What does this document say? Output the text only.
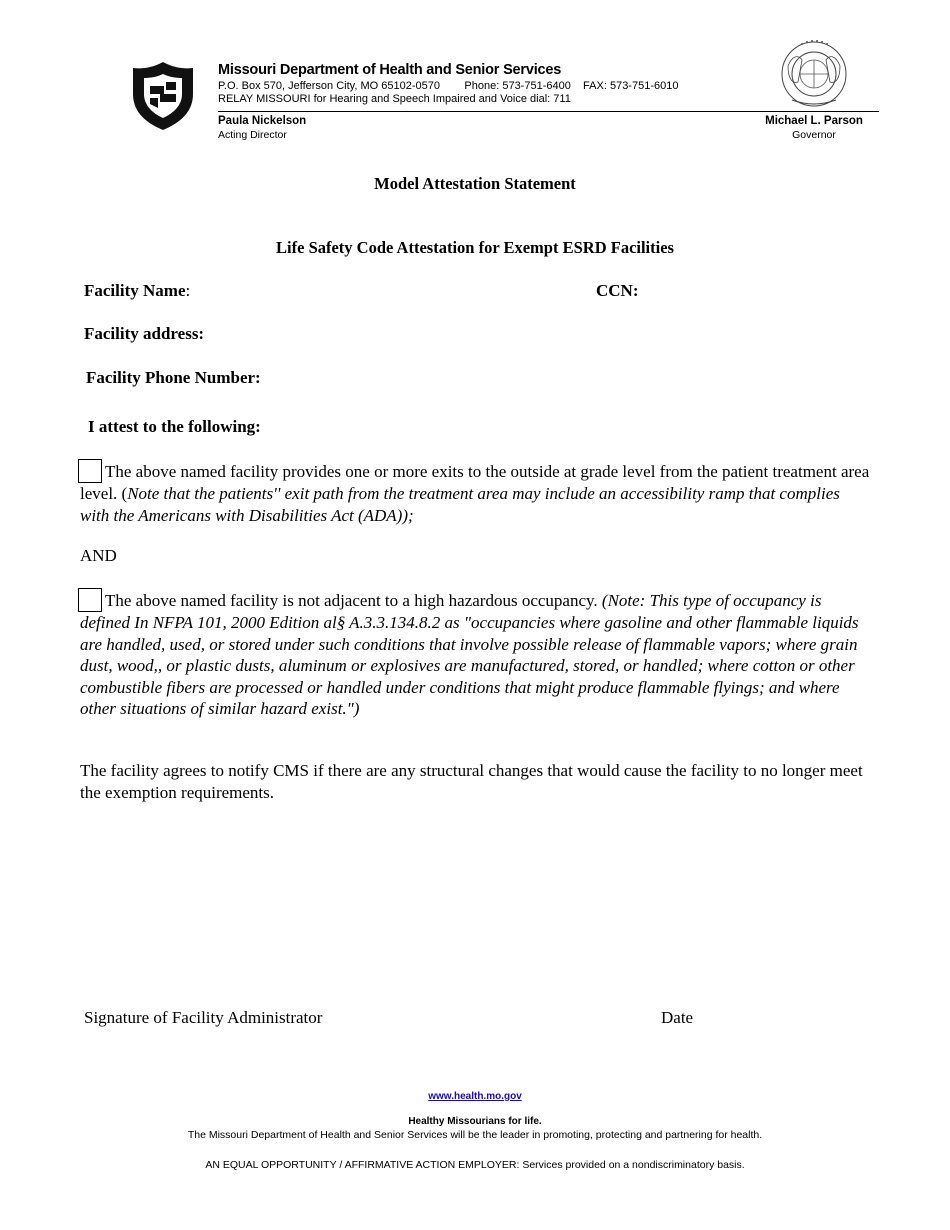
Missouri Department of Health and Senior Services
P.O. Box 570, Jefferson City, MO 65102-0570        Phone: 573-751-6400    FAX: 573-751-6010
RELAY MISSOURI for Hearing and Speech Impaired and Voice dial: 711
Paula Nickelson
Acting Director
Michael L. Parson
Governor
Model Attestation Statement
Life Safety Code Attestation for Exempt ESRD Facilities
Facility Name:	CCN:
Facility address:
Facility Phone Number:
I attest to the following:
The above named facility provides one or more exits to the outside at grade level from the patient treatment area level. (Note that the patients'' exit path from the treatment area may include an accessibility ramp that complies with the Americans with Disabilities Act (ADA));
AND
The above named facility is not adjacent to a high hazardous occupancy. (Note: This type of occupancy is defined In NFPA 101, 2000 Edition al§ A.3.3.134.8.2 as "occupancies where gasoline and other flammable liquids are handled, used, or stored under such conditions that involve possible release of flammable vapors; where grain dust, wood,, or plastic dusts, aluminum or explosives are manufactured, stored, or handled; where cotton or other combustible fibers are processed or handled under conditions that might produce flammable flyings; and where other situations of similar hazard exist.")
The facility agrees to notify CMS if there are any structural changes that would cause the facility to no longer meet the exemption requirements.
Signature of Facility Administrator	Date
www.health.mo.gov
Healthy Missourians for life.
The Missouri Department of Health and Senior Services will be the leader in promoting, protecting and partnering for health.
AN EQUAL OPPORTUNITY / AFFIRMATIVE ACTION EMPLOYER: Services provided on a nondiscriminatory basis.
